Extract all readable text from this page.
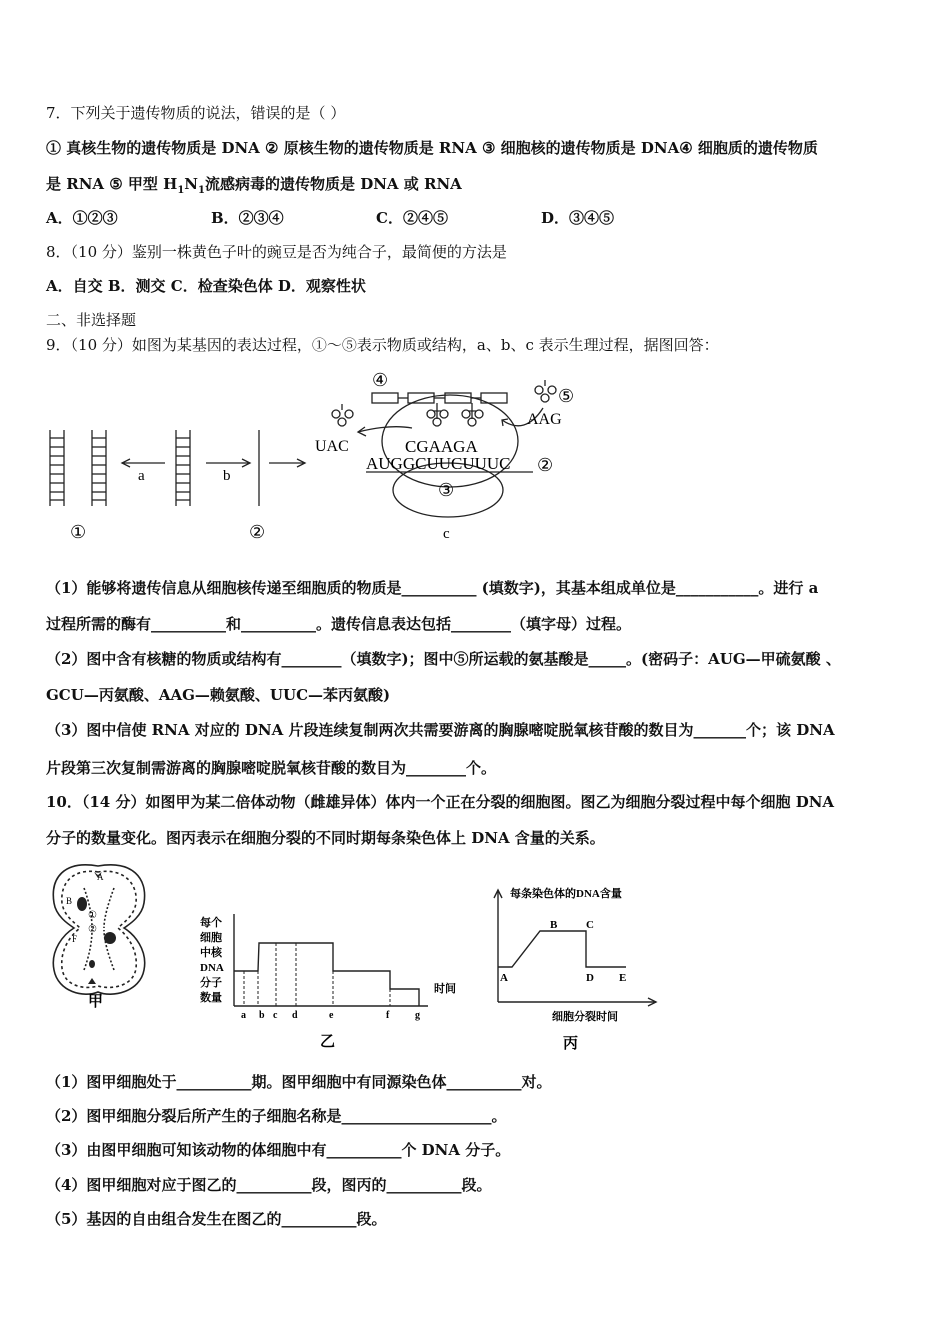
7．下列关于遗传物质的说法，错误的是（ ）
① 真核生物的遗传物质是 DNA ② 原核生物的遗传物质是 RNA ③ 细胞核的遗传物质是 DNA④ 细胞质的遗传物质
是 RNA ⑤ 甲型 $H_1N_1$流感病毒的遗传物质是 DNA 或 RNA
A．①②③	B．②③④	C．②④⑤	D．③④⑤
8．（10 分）鉴别一株黄色子叶的豌豆是否为纯合子，最简便的方法是
A．自交 B．测交 C．检查染色体 D．观察性状
二、非选择题
9．（10 分）如图为某基因的表达过程，①～⑤表示物质或结构，a、b、c 表示生理过程，据图回答：
a	b
c
①	②
②
③
④
⑤
UAC
AAG
CGAAGA
AUGGCUUCUUUC
（1）能够将遗传信息从细胞核传递至细胞质的物质是__________ (填数字)，其基本组成单位是___________。进行 a
过程所需的酶有__________和__________。遗传信息表达包括________（填字母）过程。
（2）图中含有核糖的物质或结构有________（填数字)；图中⑤所运载的氨基酸是_____。(密码子：AUG—甲硫氨酸 、
GCU—丙氨酸、AAG—赖氨酸、UUC—苯丙氨酸)
（3）图中信使 RNA 对应的 DNA 片段连续复制两次共需要游离的胸腺嘧啶脱氧核苷酸的数目为_______个；该 DNA
片段第三次复制需游离的胸腺嘧啶脱氧核苷酸的数目为________个。
10．（14 分）如图甲为某二倍体动物（雌雄异体）体内一个正在分裂的细胞图。图乙为细胞分裂过程中每个细胞 DNA
分子的数量变化。图丙表示在细胞分裂的不同时期每条染色体上 DNA 含量的关系。
A
B
①
②
F
甲
每个
细胞
中核
DNA
分子
数量
时间
a b c d	e	f	g
乙
每条染色体的DNA含量
A
B	C
D E
细胞分裂时间
丙
（1）图甲细胞处于__________期。图甲细胞中有同源染色体__________对。
（2）图甲细胞分裂后所产生的子细胞名称是____________________。
（3）由图甲细胞可知该动物的体细胞中有__________个 DNA 分子。
（4）图甲细胞对应于图乙的__________段，图丙的__________段。
（5）基因的自由组合发生在图乙的__________段。
